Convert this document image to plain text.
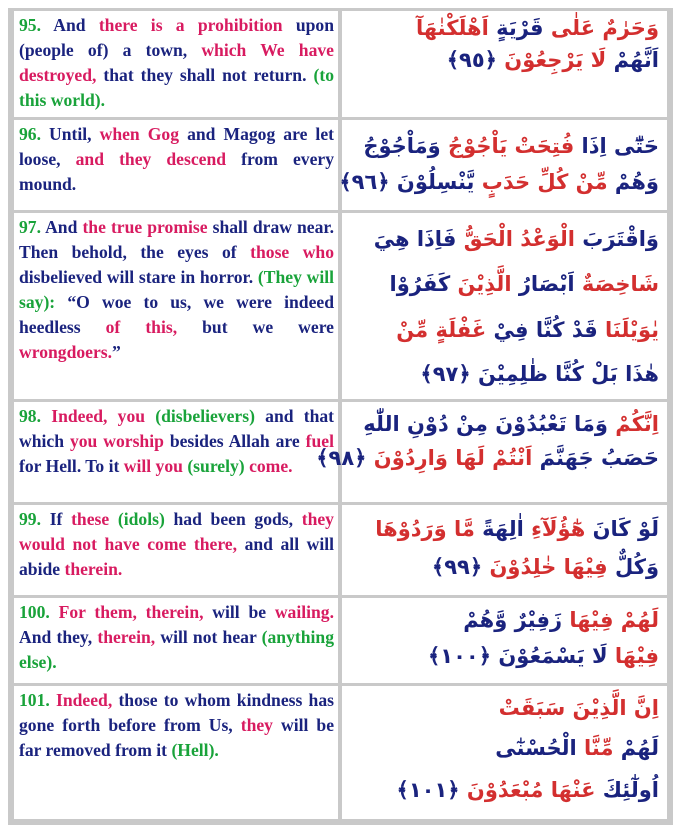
95. And there is a prohibition upon (people of) a town, which We have destroyed, that they shall not return. (to this world).
وَحَرٰمٌ عَلٰى قَرْيَةٍ اَهْلَكْنٰهَآ
اَنَّهُمْ لَا يَرْجِعُوْنَ ﴿٩٥﴾
96. Until, when Gog and Magog are let loose, and they descend from every mound.
حَتّٰٓى اِذَا فُتِحَتْ يَاْجُوْجُ وَمَاْجُوْجُ
وَهُمْ مِّنْ كُلِّ حَدَبٍ يَّنْسِلُوْنَ ﴿٩٦﴾
97. And the true promise shall draw near. Then behold, the eyes of those who disbelieved will stare in horror. (They will say): “O woe to us, we were indeed heedless of this, but we were wrongdoers.”
وَاقْتَرَبَ الْوَعْدُ الْحَقُّ فَاِذَا هِيَ
شَاخِصَةٌ اَبْصَارُ الَّذِيْنَ كَفَرُوْا
يٰوَيْلَنَا قَدْ كُنَّا فِيْ غَفْلَةٍ مِّنْ
هٰذَا بَلْ كُنَّا ظٰلِمِيْنَ ﴿٩٧﴾
98. Indeed, you (disbelievers) and that which you worship besides Allah are fuel for Hell. To it will you (surely) come.
اِنَّكُمْ وَمَا تَعْبُدُوْنَ مِنْ دُوْنِ اللّٰهِ
حَصَبُ جَهَنَّمَ اَنْتُمْ لَهَا وَارِدُوْنَ ﴿٩٨﴾
99. If these (idols) had been gods, they would not have come there, and all will abide therein.
لَوْ كَانَ هٰٓؤُلَآءِ اٰلِهَةً مَّا وَرَدُوْهَا
وَكُلٌّ فِيْهَا خٰلِدُوْنَ ﴿٩٩﴾
100. For them, therein, will be wailing. And they, therein, will not hear (anything else).
لَهُمْ فِيْهَا زَفِيْرٌ وَّهُمْ
فِيْهَا لَا يَسْمَعُوْنَ ﴿١٠٠﴾
101. Indeed, those to whom kindness has gone forth before from Us, they will be far removed from it (Hell).
اِنَّ الَّذِيْنَ سَبَقَتْ
لَهُمْ مِّنَّا الْحُسْنٰٓى
اُولٰٓئِكَ عَنْهَا مُبْعَدُوْنَ ﴿١٠١﴾
